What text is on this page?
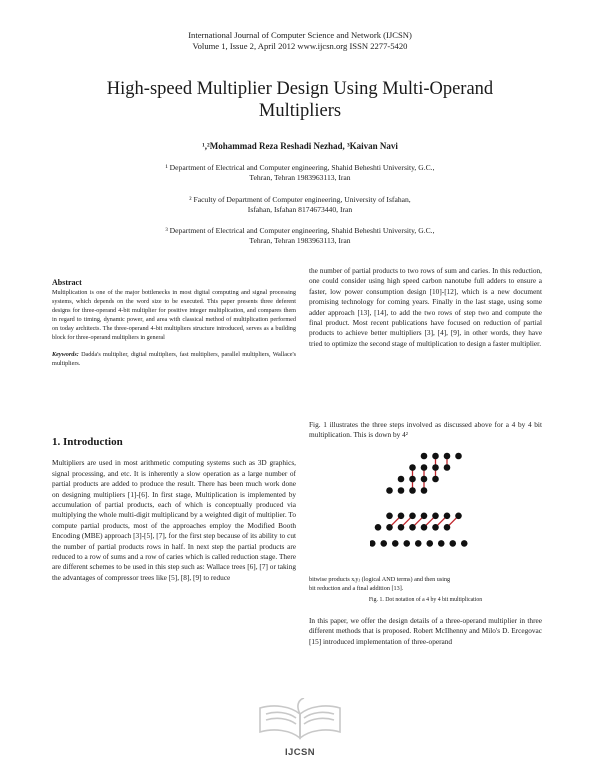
International Journal of Computer Science and Network (IJCSN)
Volume 1, Issue 2, April 2012 www.ijcsn.org ISSN 2277-5420
High-speed Multiplier Design Using Multi-Operand
Multipliers
¹,²Mohammad Reza Reshadi Nezhad, ³Kaivan Navi
¹ Department of Electrical and Computer engineering, Shahid Beheshti University, G.C.,
Tehran, Tehran 1983963113, Iran
² Faculty of Department of Computer engineering, University of Isfahan,
Isfahan, Isfahan 8174673440, Iran
³ Department of Electrical and Computer engineering, Shahid Beheshti University, G.C.,
Tehran, Tehran 1983963113, Iran
Abstract

Multiplication is one of the major bottlenecks in most digital computing and signal processing systems, which depends on the word size to be executed. This paper presents three deferent designs for three-operand 4-bit multiplier for positive integer multiplication, and compares them in regard to timing, dynamic power, and area with classical method of multiplication performed on today architects. The three-operand 4-bit multipliers structure introduced, serves as a building block for three-operand multipliers in general

Keywords: Dadda's multiplier, digital multipliers, fast multipliers, parallel multipliers, Wallace's multipliers.

1. Introduction

Multipliers are used in most arithmetic computing systems such as 3D graphics, signal processing, and etc. It is inherently a slow operation as a large number of partial products are added to produce the result. There has been much work done on designing multipliers [1]-[6]. In first stage, Multiplication is implemented by accumulation of partial products, each of which is conceptually produced via multiplying the whole multi-digit multiplicand by a weighted digit of multiplier. To compute partial products, most of the approaches employ the Modified Booth Encoding (MBE) approach [3]-[5], [7], for the first step because of its ability to cut the number of partial products rows in half. In next step the partial products are reduced to a row of sums and a row of caries which is called reduction stage. There are different schemes to be used in this step such as: Wallace trees [6], [7] or taking the advantages of compressor trees like [5], [8], [9] to reduce

the number of partial products to two rows of sum and caries. In this reduction, one could consider using high speed carbon nanotube full adders to ensure a faster, low power consumption design [10]-[12], which is a new document promising technology for coming years. Finally in the last stage, using some adder approach [13], [14], to add the two rows of step two and compute the final product. Most recent publications have focused on reduction of partial products to achieve better multipliers [3], [4], [9], in other words, they have tried to optimize the second stage of multiplication to design a faster multiplier.
Fig. 1 illustrates the three steps involved as discussed above for a 4 by 4 bit multiplication. This is down by 4²
bitwise products xᵢyⱼ (logical AND terms) and then using
bit reduction and a final addition [13].
Fig. 1. Dot notation of a 4 by 4 bit multiplication
In this paper, we offer the design details of a three-operand multiplier in three different methods that is proposed. Robert McIlhenny and Milo's D. Ercegovac [15] introduced implementation of three-operand
IJCSN
